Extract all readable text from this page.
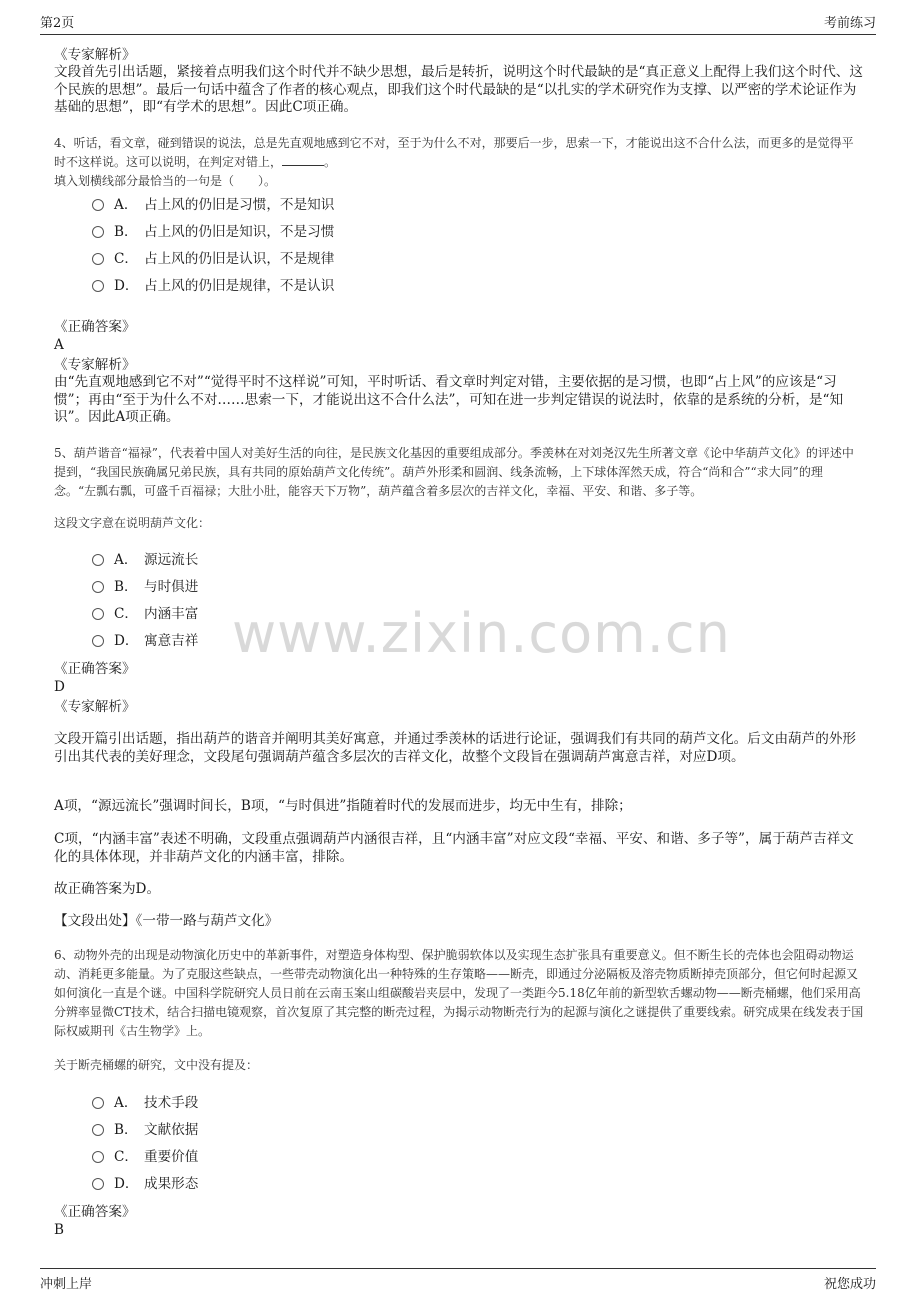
第2页	考前练习
www.zixin.com.cn
《专家解析》
文段首先引出话题，紧接着点明我们这个时代并不缺少思想，最后是转折，说明这个时代最缺的是“真正意义上配得上我们这个时代、这个民族的思想”。最后一句话中蕴含了作者的核心观点，即我们这个时代最缺的是“以扎实的学术研究作为支撑、以严密的学术论证作为基础的思想”，即“有学术的思想”。因此C项正确。
4、听话，看文章，碰到错误的说法，总是先直观地感到它不对，至于为什么不对，那要后一步，思索一下，才能说出这不合什么法，而更多的是觉得平时不这样说。这可以说明，在判定对错上，	。
填入划横线部分最恰当的一句是（　　）。
A． 占上风的仍旧是习惯，不是知识
B． 占上风的仍旧是知识，不是习惯
C． 占上风的仍旧是认识，不是规律
D． 占上风的仍旧是规律，不是认识
《正确答案》
A
《专家解析》
由“先直观地感到它不对”“觉得平时不这样说”可知，平时听话、看文章时判定对错，主要依据的是习惯，也即“占上风”的应该是“习惯”；再由“至于为什么不对……思索一下，才能说出这不合什么法”，可知在进一步判定错误的说法时，依靠的是系统的分析，是“知识”。因此A项正确。
5、葫芦谐音“福禄”，代表着中国人对美好生活的向往，是民族文化基因的重要组成部分。季羡林在对刘尧汉先生所著文章《论中华葫芦文化》的评述中提到，“我国民族确属兄弟民族，具有共同的原始葫芦文化传统”。葫芦外形柔和圆润、线条流畅，上下球体浑然天成，符合“尚和合”“求大同”的理念。“左瓢右瓢，可盛千百福禄；大肚小肚，能容天下万物”，葫芦蕴含着多层次的吉祥文化，幸福、平安、和谐、多子等。
这段文字意在说明葫芦文化：
A． 源远流长
B． 与时俱进
C． 内涵丰富
D． 寓意吉祥
《正确答案》
D
《专家解析》
文段开篇引出话题，指出葫芦的谐音并阐明其美好寓意，并通过季羡林的话进行论证，强调我们有共同的葫芦文化。后文由葫芦的外形引出其代表的美好理念，文段尾句强调葫芦蕴含多层次的吉祥文化，故整个文段旨在强调葫芦寓意吉祥，对应D项。
A项，“源远流长”强调时间长，B项，“与时俱进”指随着时代的发展而进步，均无中生有，排除；
C项，“内涵丰富”表述不明确，文段重点强调葫芦内涵很吉祥，且“内涵丰富”对应文段“幸福、平安、和谐、多子等”，属于葫芦吉祥文化的具体体现，并非葫芦文化的内涵丰富，排除。
故正确答案为D。
【文段出处】《一带一路与葫芦文化》
6、动物外壳的出现是动物演化历史中的革新事件，对塑造身体构型、保护脆弱软体以及实现生态扩张具有重要意义。但不断生长的壳体也会阻碍动物运动、消耗更多能量。为了克服这些缺点，一些带壳动物演化出一种特殊的生存策略——断壳，即通过分泌隔板及溶壳物质断掉壳顶部分，但它何时起源又如何演化一直是个谜。中国科学院研究人员日前在云南玉案山组碳酸岩夹层中，发现了一类距今5.18亿年前的新型软舌螺动物——断壳桶螺，他们采用高分辨率显微CT技术，结合扫描电镜观察，首次复原了其完整的断壳过程，为揭示动物断壳行为的起源与演化之谜提供了重要线索。研究成果在线发表于国际权威期刊《古生物学》上。
关于断壳桶螺的研究，文中没有提及：
A． 技术手段
B． 文献依据
C． 重要价值
D． 成果形态
《正确答案》
B
冲刺上岸	祝您成功
